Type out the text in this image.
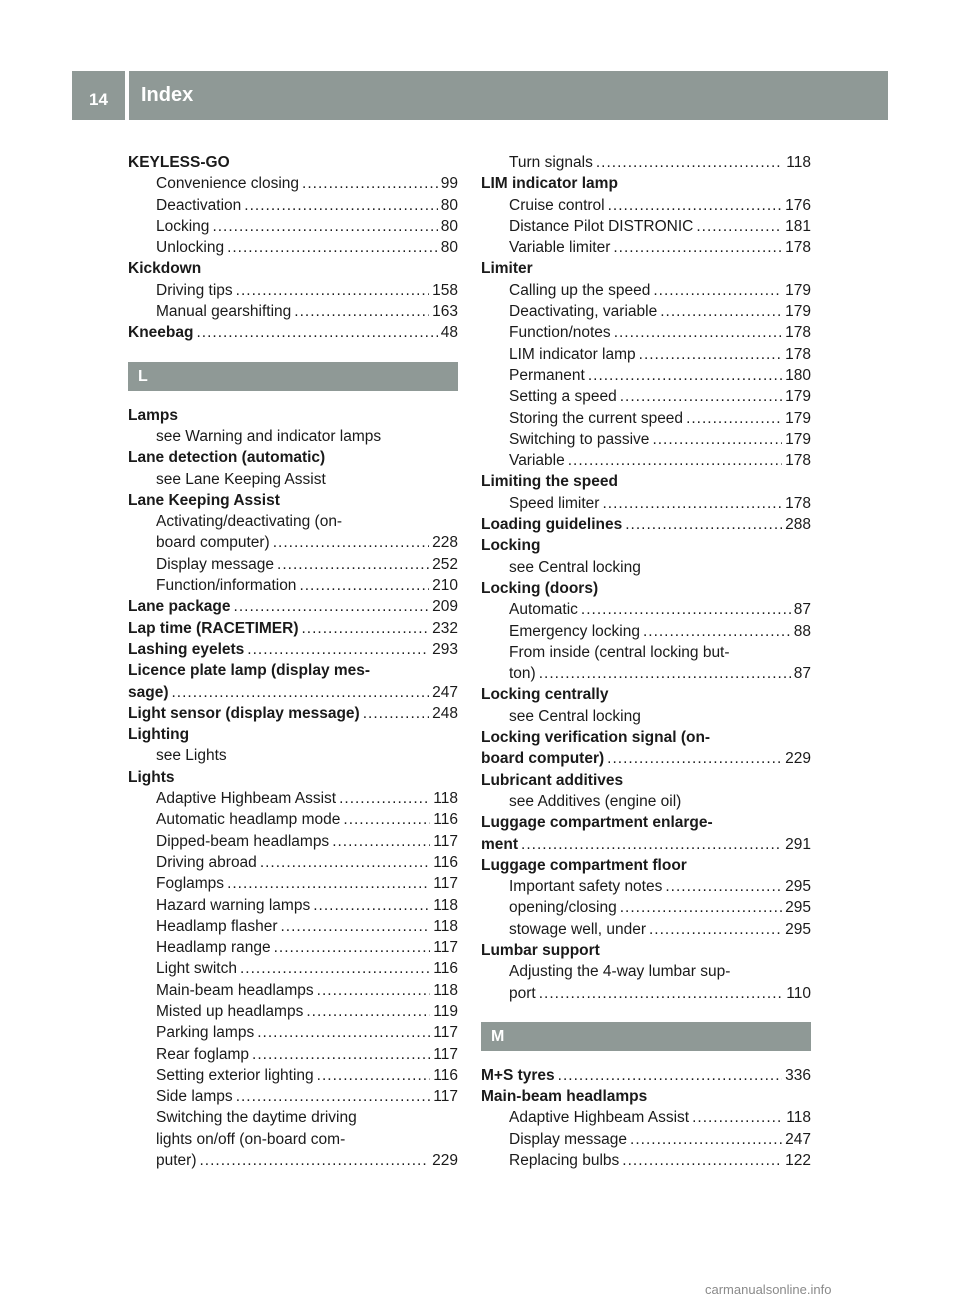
14	Index
KEYLESS-GO
Convenience closing .....	99
Deactivation .....	80
Locking .....	80
Unlocking .....	80
Kickdown
Driving tips .....	158
Manual gearshifting .....	163
Kneebag .....	48
L
Lamps
see Warning and indicator lamps
Lane detection (automatic)
see Lane Keeping Assist
Lane Keeping Assist
Activating/deactivating (on-
board computer) .....	228
Display message .....	252
Function/information .....	210
Lane package .....	209
Lap time (RACETIMER) .....	232
Lashing eyelets .....	293
Licence plate lamp (display mes-
sage) .....	247
Light sensor (display message) .....	248
Lighting
see Lights
Lights
Adaptive Highbeam Assist .....	118
Automatic headlamp mode .....	116
Dipped-beam headlamps .....	117
Driving abroad .....	116
Foglamps .....	117
Hazard warning lamps .....	118
Headlamp flasher .....	118
Headlamp range .....	117
Light switch .....	116
Main-beam headlamps .....	118
Misted up headlamps .....	119
Parking lamps .....	117
Rear foglamp .....	117
Setting exterior lighting .....	116
Side lamps .....	117
Switching the daytime driving
lights on/off (on-board com-
puter) .....	229
Turn signals .....	118
LIM indicator lamp
Cruise control .....	176
Distance Pilot DISTRONIC .....	181
Variable limiter .....	178
Limiter
Calling up the speed .....	179
Deactivating, variable .....	179
Function/notes .....	178
LIM indicator lamp .....	178
Permanent .....	180
Setting a speed .....	179
Storing the current speed .....	179
Switching to passive .....	179
Variable .....	178
Limiting the speed
Speed limiter .....	178
Loading guidelines .....	288
Locking
see Central locking
Locking (doors)
Automatic .....	87
Emergency locking .....	88
From inside (central locking but-
ton) .....	87
Locking centrally
see Central locking
Locking verification signal (on-
board computer) .....	229
Lubricant additives
see Additives (engine oil)
Luggage compartment enlarge-
ment .....	291
Luggage compartment floor
Important safety notes .....	295
opening/closing .....	295
stowage well, under .....	295
Lumbar support
Adjusting the 4-way lumbar sup-
port .....	110
M
M+S tyres .....	336
Main-beam headlamps
Adaptive Highbeam Assist .....	118
Display message .....	247
Replacing bulbs .....	122
carmanualsonline.info
